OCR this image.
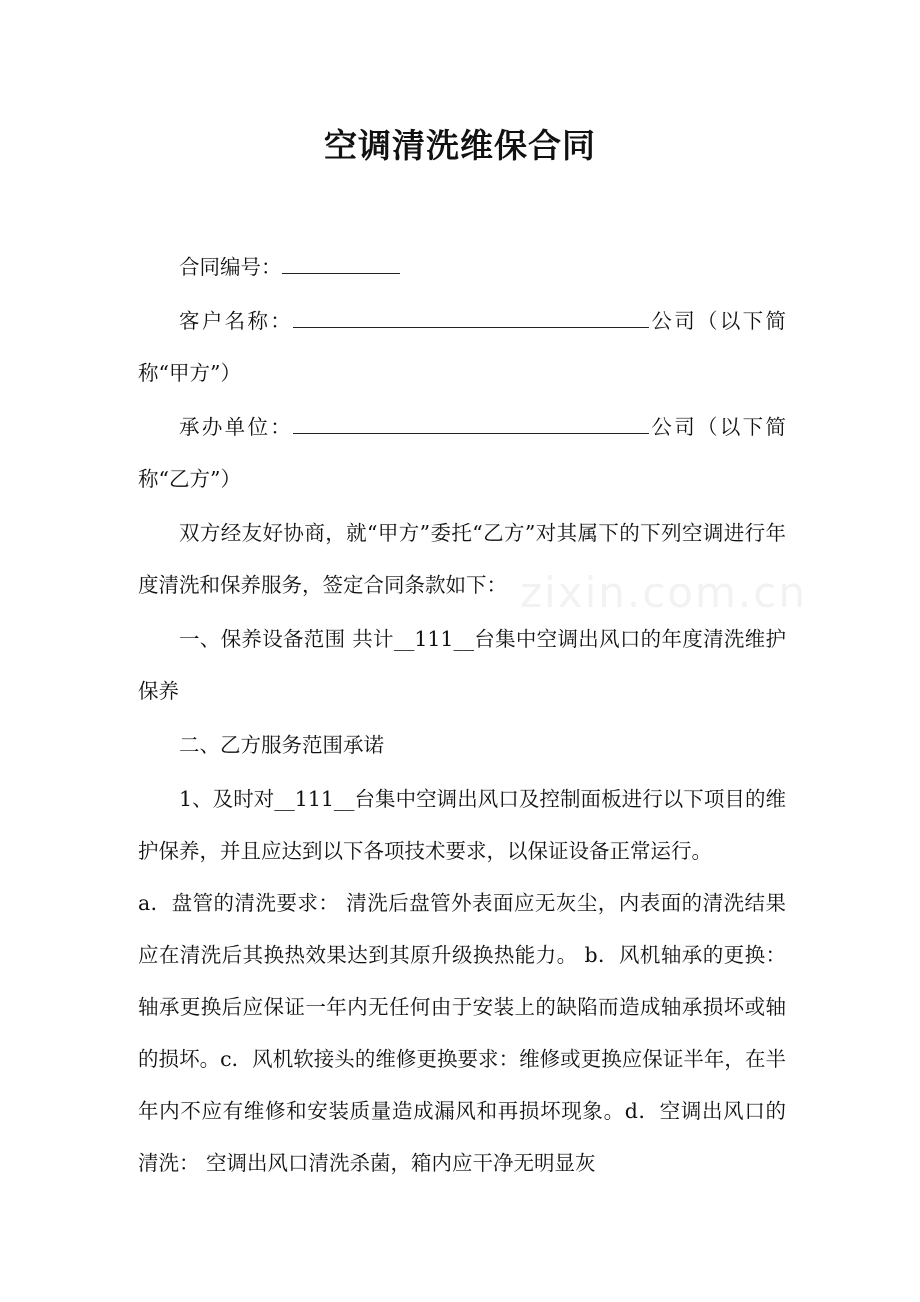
空调清洗维保合同
zixin.com.cn

合同编号：

客户名称：	公司（以下简称“甲方”）

承办单位：	公司（以下简称“乙方”）

双方经友好协商，就“甲方”委托“乙方”对其属下的下列空调进行年度清洗和保养服务，签定合同条款如下：

一、保养设备范围 共计__111__台集中空调出风口的年度清洗维护保养

二、乙方服务范围承诺

1、及时对__111__台集中空调出风口及控制面板进行以下项目的维护保养，并且应达到以下各项技术要求，以保证设备正常运行。

a．盘管的清洗要求： 清洗后盘管外表面应无灰尘，内表面的清洗结果应在清洗后其换热效果达到其原升级换热能力。 b．风机轴承的更换： 轴承更换后应保证一年内无任何由于安装上的缺陷而造成轴承损坏或轴的损坏。c．风机软接头的维修更换要求：维修或更换应保证半年，在半年内不应有维修和安装质量造成漏风和再损坏现象。d．空调出风口的清洗： 空调出风口清洗杀菌，箱内应干净无明显灰
